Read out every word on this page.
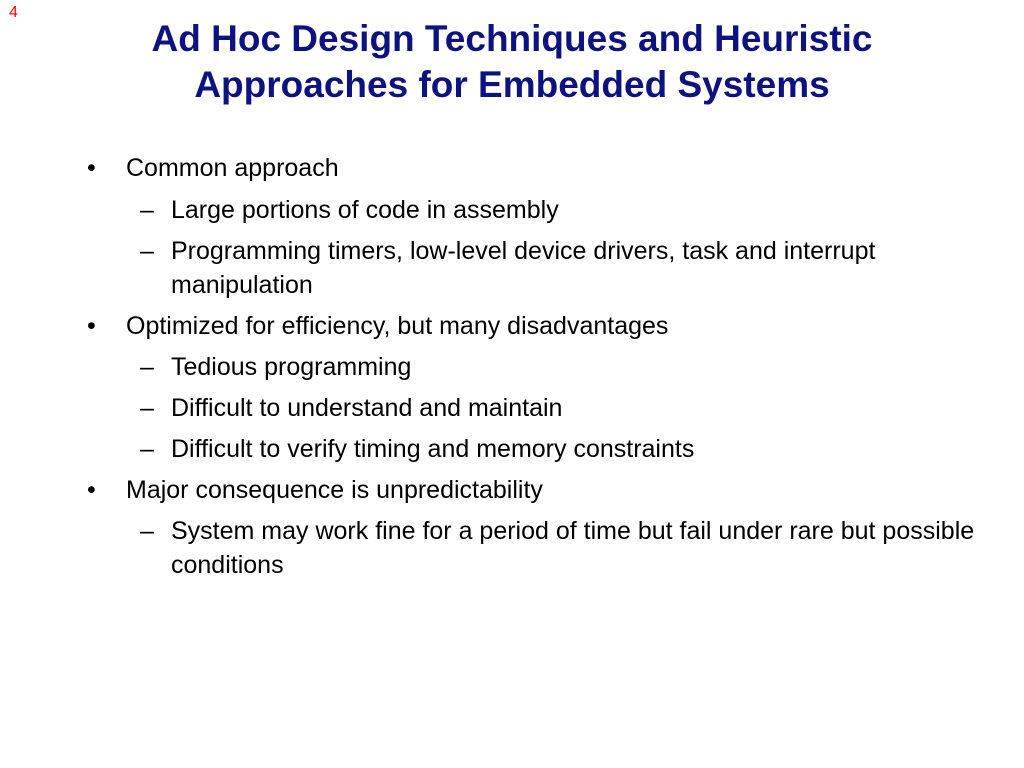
4
Ad Hoc Design Techniques and Heuristic
Approaches for Embedded Systems
•	Common approach
– Large portions of code in assembly
– Programming timers, low-level device drivers, task and interrupt manipulation
•	Optimized for efficiency, but many disadvantages
– Tedious programming
– Difficult to understand and maintain
– Difficult to verify timing and memory constraints
•	Major consequence is unpredictability
– System may work fine for a period of time but fail under rare but possible conditions
